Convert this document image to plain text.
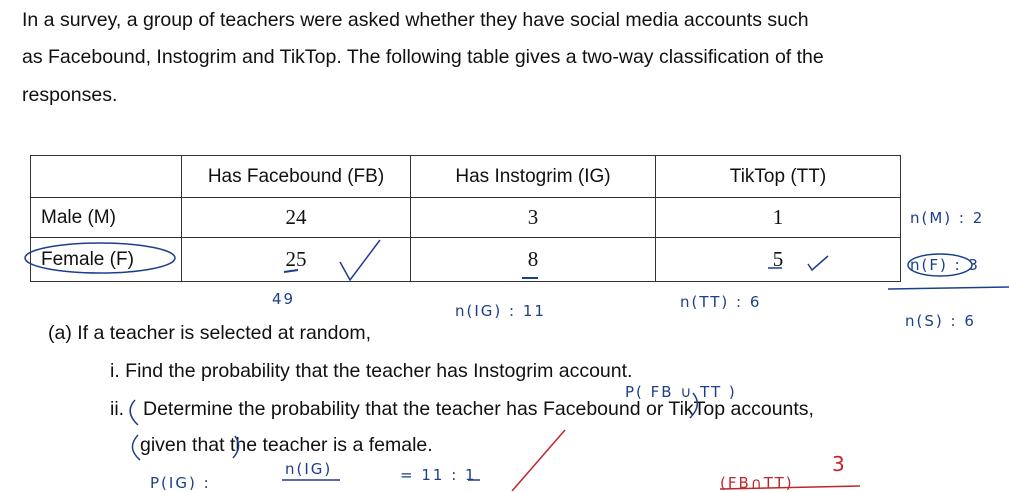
In a survey, a group of teachers were asked whether they have social media accounts such
as Facebound, Instogrim and TikTop. The following table gives a two-way classification of the
responses.
	Has Facebound (FB)	Has Instogrim (IG)	TikTop (TT)
Male (M)	24	3	1
Female (F)	25	8	5
(a) If a teacher is selected at random,
i. Find the probability that the teacher has Instogrim account.
ii. Determine the probability that the teacher has Facebound or TikTop accounts,
given that the teacher is a female.
49
n(IG) : 11	n(TT) : 6
n(M) : 2
n(F) : 3
n(S) : 6
P( FB ∪ TT )
P(IG) :
n(IG)	= 11 : 1	(FB∩TT)
3
